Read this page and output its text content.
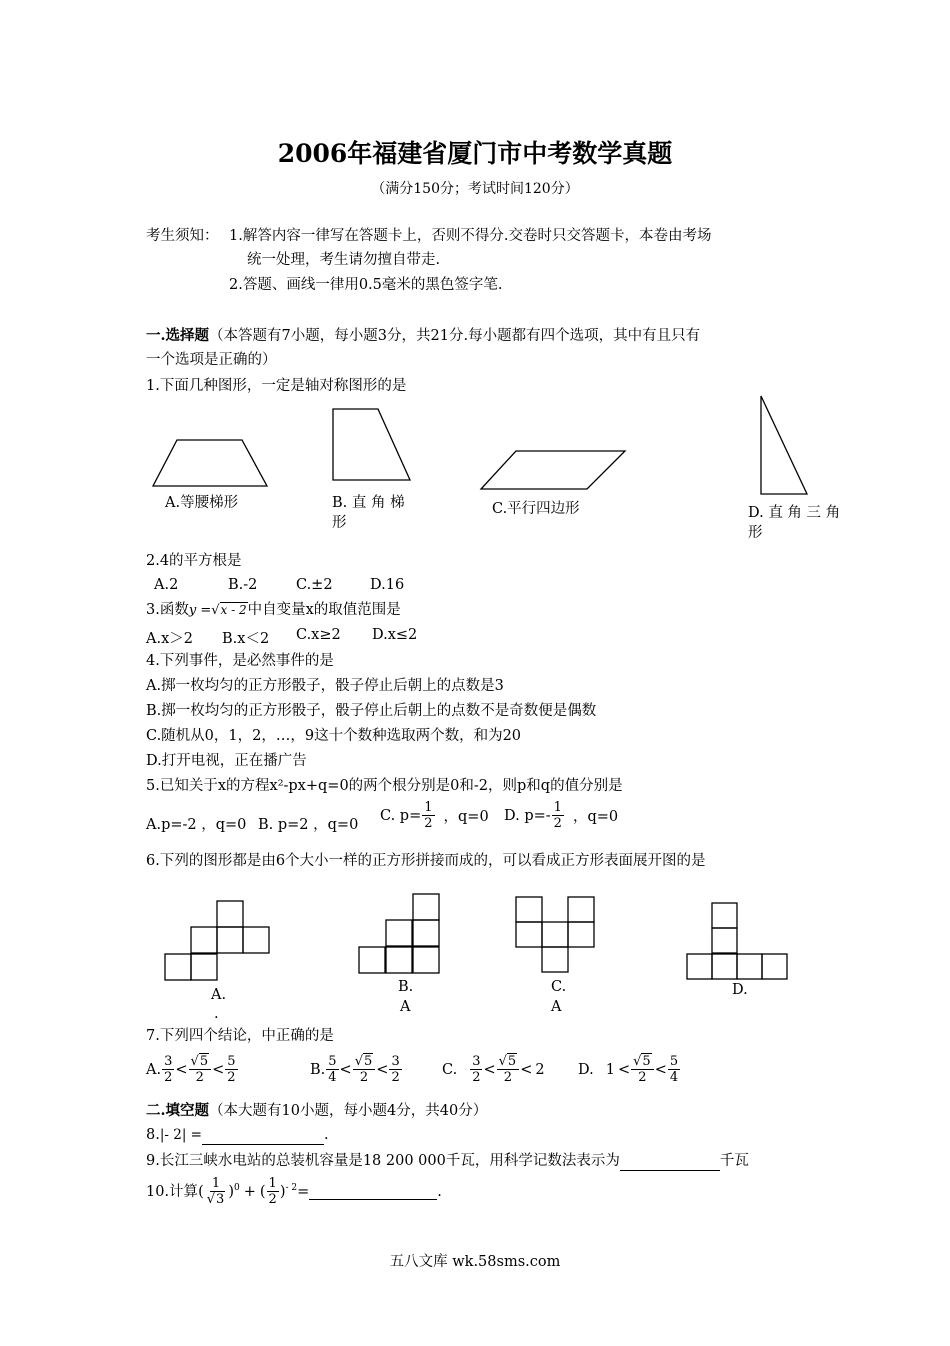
2006年福建省厦门市中考数学真题
（满分150分；考试时间120分）
考生须知： 1.解答内容一律写在答题卡上，否则不得分.交卷时只交答题卡，本卷由考场
统一处理，考生请勿擅自带走.
2.答题、画线一律用0.5毫米的黑色签字笔.
一.选择题（本答题有7小题，每小题3分，共21分.每小题都有四个选项，其中有且只有
一个选项是正确的）
1.下面几种图形，一定是轴对称图形的是
A.等腰梯形	B. 直 角 梯
形
C.平行四边形	D. 直 角 三 角
形
2.4的平方根是
A.2	B.-2	C.±2	D.16
3.函数y =√x - 2中自变量x的取值范围是
A.x＞2 B.x＜2 C.x≥2 D.x≤2
4.下列事件，是必然事件的是
A.掷一枚均匀的正方形骰子，骰子停止后朝上的点数是3
B.掷一枚均匀的正方形骰子，骰子停止后朝上的点数不是奇数便是偶数
C.随机从0，1，2，…，9这十个数种选取两个数，和为20
D.打开电视，正在播广告
5.已知关于x的方程x²-px+q=0的两个根分别是0和-2，则p和q的值分别是
A.p=-2 ，q=0 B. p=2 ，q=0
C. $p= \frac{1}{2}$ ，q=0 D. $p=- \frac{1}{2}$ ，q=0
6.下列的图形都是由6个大小一样的正方形拼接而成的，可以看成正方形表面展开图的是
A.
.
B.
A
C.
A
D.
7.下列四个结论，中正确的是
A. $\frac{3}{2} < \frac{√5}{2} < \frac{5}{2}$	B. $\frac{5}{4} < \frac{√5}{2} < \frac{3}{2}$	C. $\frac{3}{2} < \frac{√5}{2} < 2$ D. $1 < \frac{√5}{2} < \frac{5}{4}$
二.填空题（本大题有10小题，每小题4分，共40分）
8.|- 2| =	.
9.长江三峡水电站的总装机容量是18 200 000千瓦，用科学记数法表示为	千瓦
10.计算 ( $\frac{1}{√3} )^0$ + ( $\frac{1}{2} )^{- 2}$ =	.
五八文库 wk.58sms.com
